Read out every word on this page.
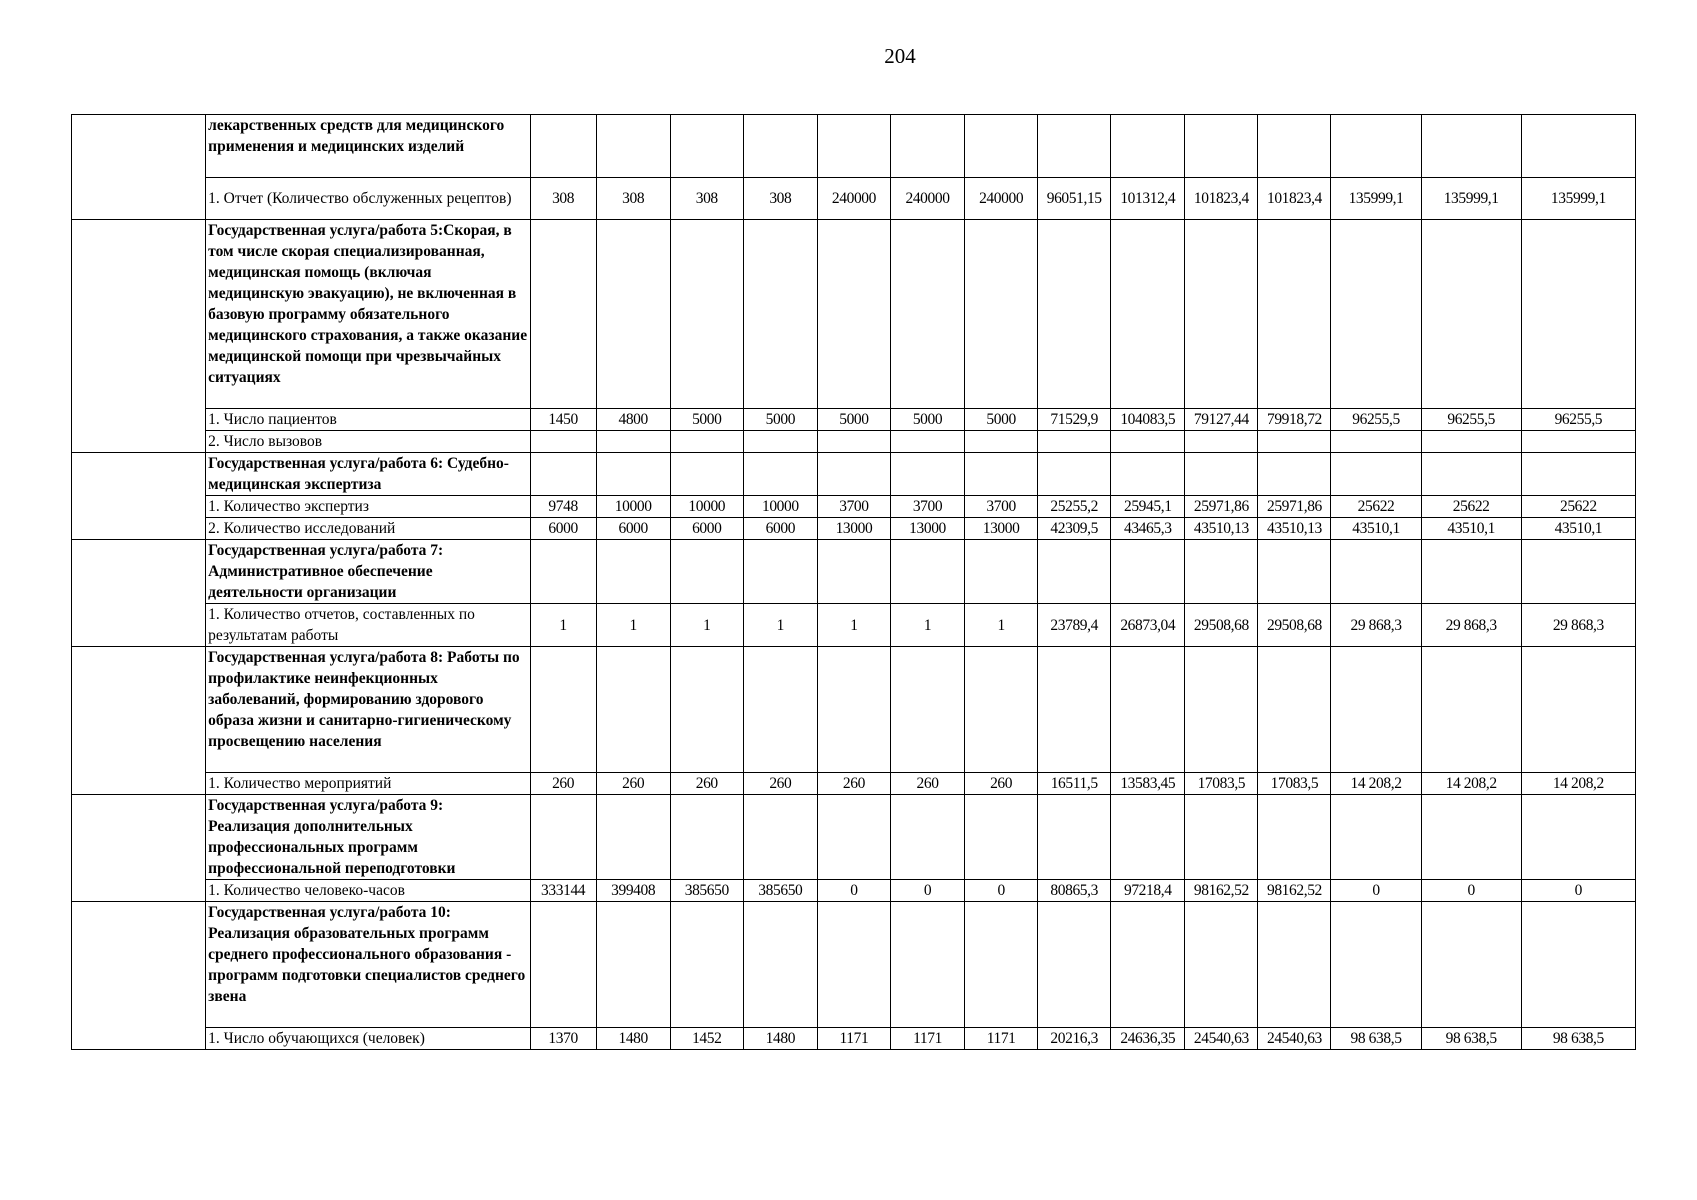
204
	лекарственных средств для медицинского применения и медицинских изделий														
	1. Отчет (Количество обслуженных рецептов)	308	308	308	308	240000	240000	240000	96051,15	101312,4	101823,4	101823,4	135999,1	135999,1	135999,1
	Государственная услуга/работа 5:Скорая, в том числе скорая специализированная, медицинская помощь (включая медицинскую эвакуацию), не включенная в базовую программу обязательного медицинского страхования, а также оказание медицинской помощи при чрезвычайных ситуациях														
	1. Число пациентов	1450	4800	5000	5000	5000	5000	5000	71529,9	104083,5	79127,44	79918,72	96255,5	96255,5	96255,5
	2. Число вызовов														
	Государственная услуга/работа 6: Судебно-медицинская экспертиза														
	1. Количество экспертиз	9748	10000	10000	10000	3700	3700	3700	25255,2	25945,1	25971,86	25971,86	25622	25622	25622
	2. Количество исследований	6000	6000	6000	6000	13000	13000	13000	42309,5	43465,3	43510,13	43510,13	43510,1	43510,1	43510,1
	Государственная услуга/работа 7: Административное обеспечение деятельности организации														
	1. Количество отчетов, составленных по результатам работы	1	1	1	1	1	1	1	23789,4	26873,04	29508,68	29508,68	29 868,3	29 868,3	29 868,3
	Государственная услуга/работа 8: Работы по профилактике неинфекционных заболеваний, формированию здорового образа жизни и санитарно-гигиеническому просвещению населения														
	1. Количество мероприятий	260	260	260	260	260	260	260	16511,5	13583,45	17083,5	17083,5	14 208,2	14 208,2	14 208,2
	Государственная услуга/работа 9: Реализация дополнительных профессиональных программ профессиональной переподготовки														
	1. Количество человеко-часов	333144	399408	385650	385650	0	0	0	80865,3	97218,4	98162,52	98162,52	0	0	0
	Государственная услуга/работа 10: Реализация образовательных программ среднего профессионального образования - программ подготовки специалистов среднего звена														
	1. Число обучающихся (человек)	1370	1480	1452	1480	1171	1171	1171	20216,3	24636,35	24540,63	24540,63	98 638,5	98 638,5	98 638,5
